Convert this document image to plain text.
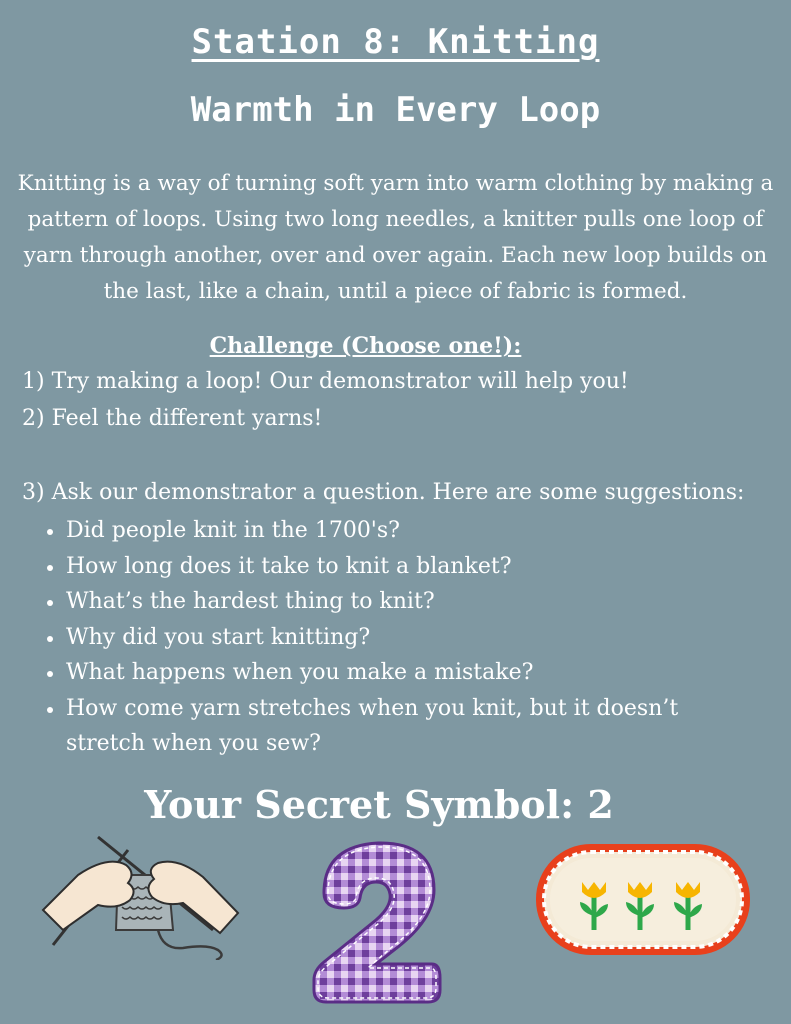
Station 8: Knitting
Warmth in Every Loop
Knitting is a way of turning soft yarn into warm clothing by making a pattern of loops. Using two long needles, a knitter pulls one loop of yarn through another, over and over again. Each new loop builds on the last, like a chain, until a piece of fabric is formed.
Challenge (Choose one!):
1) Try making a loop! Our demonstrator will help you!
2) Feel the different yarns!
3) Ask our demonstrator a question. Here are some suggestions:
Did people knit in the 1700's?
How long does it take to knit a blanket?
What’s the hardest thing to knit?
Why did you start knitting?
What happens when you make a mistake?
How come yarn stretches when you knit, but it doesn’t stretch when you sew?
Your Secret Symbol: 2
